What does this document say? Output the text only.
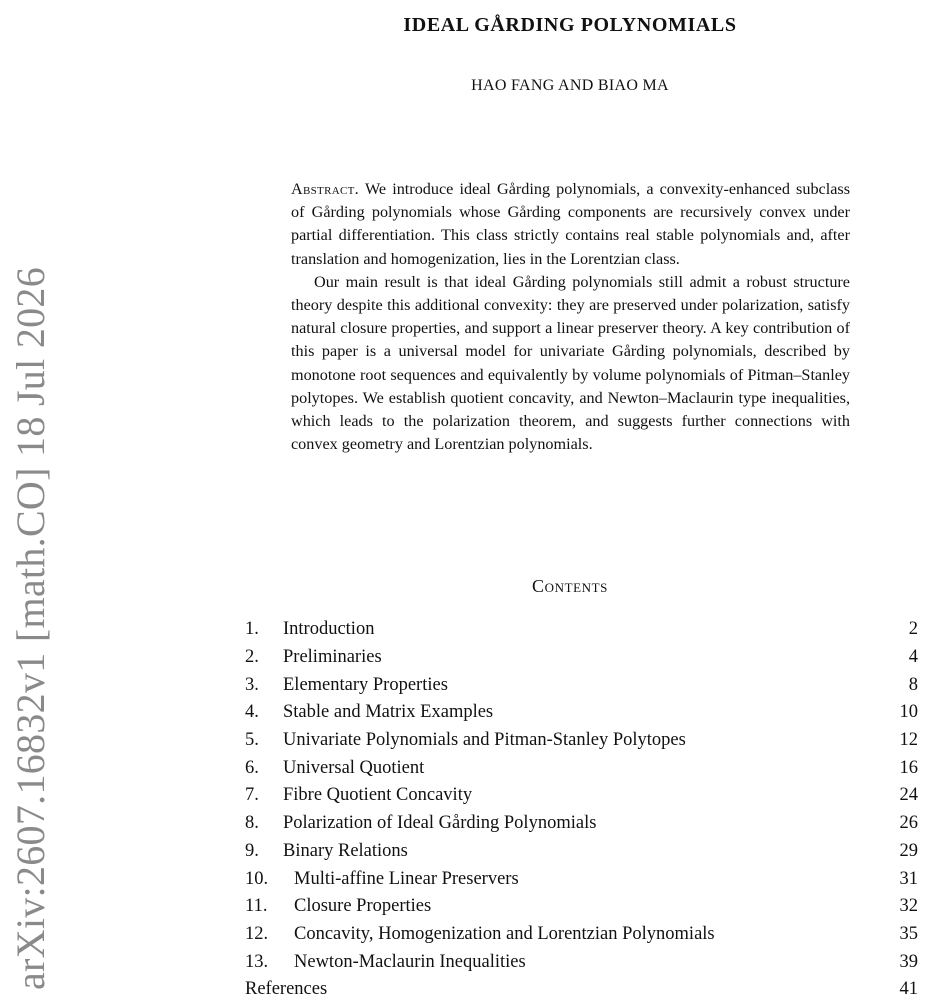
arXiv:2607.16832v1 [math.CO] 18 Jul 2026
IDEAL GÅRDING POLYNOMIALS
HAO FANG AND BIAO MA

Abstract. We introduce ideal Gårding polynomials, a convexity-enhanced subclass of Gårding polynomials whose Gårding components are recursively convex under partial differentiation. This class strictly contains real stable polynomials and, after translation and homogenization, lies in the Lorentzian class.

Our main result is that ideal Gårding polynomials still admit a robust structure theory despite this additional convexity: they are preserved under polarization, satisfy natural closure properties, and support a linear preserver theory. A key contribution of this paper is a universal model for univariate Gårding polynomials, described by monotone root sequences and equivalently by volume polynomials of Pitman–Stanley polytopes. We establish quotient concavity, and Newton–Maclaurin type inequalities, which leads to the polarization theorem, and suggests further connections with convex geometry and Lorentzian polynomials.

Contents
1.	Introduction	2
2.	Preliminaries	4
3.	Elementary Properties	8
4.	Stable and Matrix Examples	10
5.	Univariate Polynomials and Pitman-Stanley Polytopes	12
6.	Universal Quotient	16
7.	Fibre Quotient Concavity	24
8.	Polarization of Ideal Gårding Polynomials	26
9.	Binary Relations	29
10.	Multi-affine Linear Preservers	31
11.	Closure Properties	32
12.	Concavity, Homogenization and Lorentzian Polynomials	35
13.	Newton-Maclaurin Inequalities	39
References	41
